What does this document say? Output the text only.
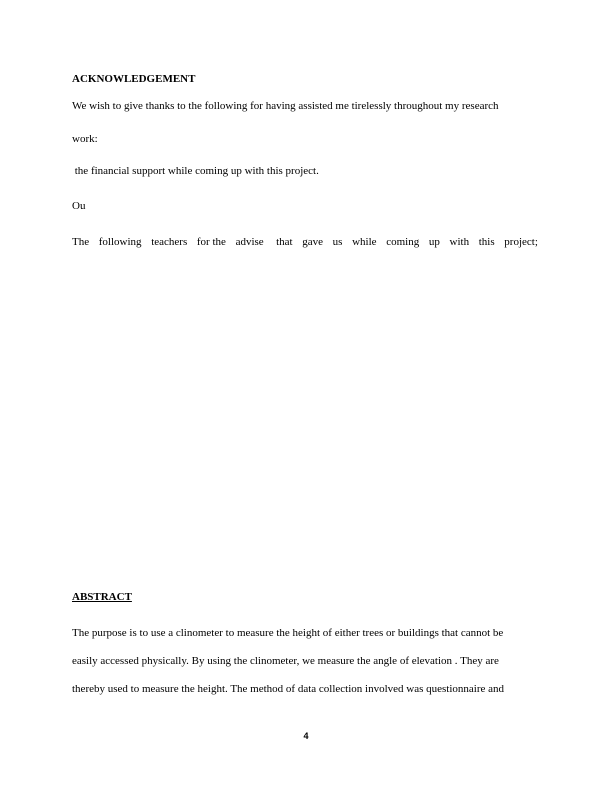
ACKNOWLEDGEMENT
We wish to give thanks to the following for having assisted me tirelessly throughout my research
work:
the financial support while coming up with this project.
Ou
The following teachers for the advise that gave us while coming up with this project;
ABSTRACT
The purpose is to use a clinometer to measure the height of either trees or buildings that cannot be
easily accessed physically. By using the clinometer, we measure the angle of elevation . They are
thereby used to measure the height. The method of data collection involved was questionnaire and
4
